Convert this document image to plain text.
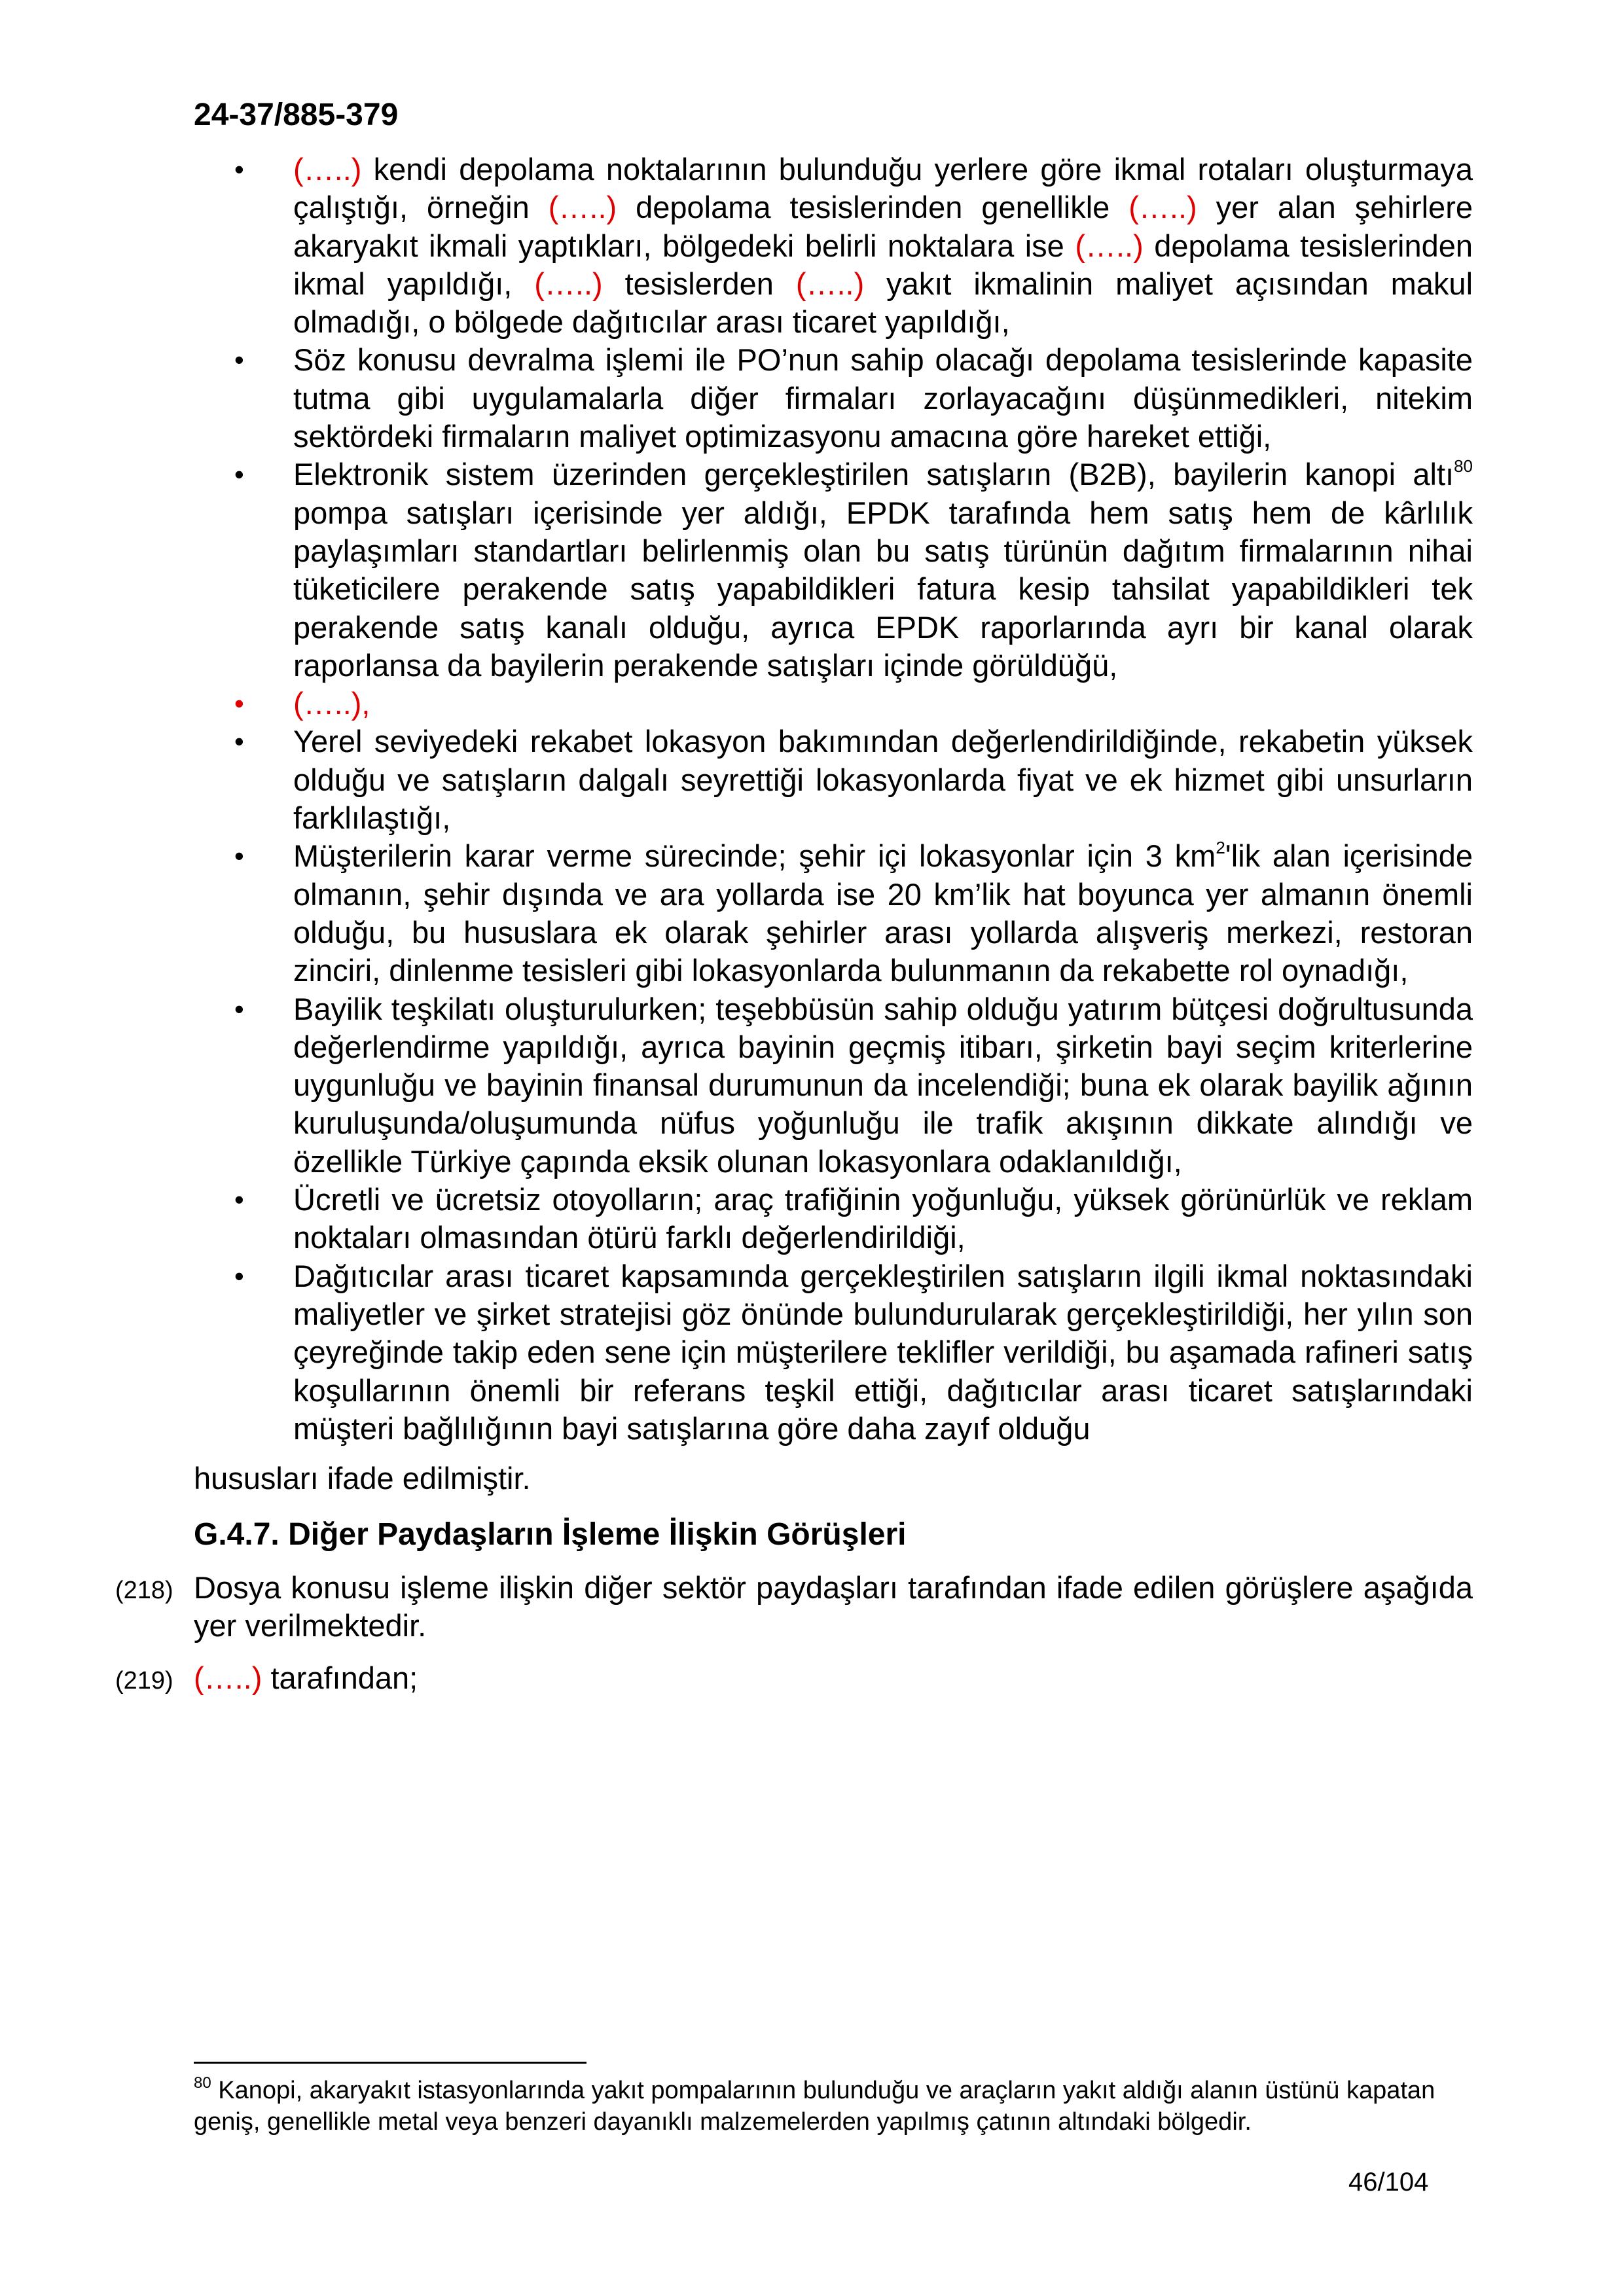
24-37/885-379
• (…..) kendi depolama noktalarının bulunduğu yerlere göre ikmal rotaları oluşturmaya çalıştığı, örneğin (…..) depolama tesislerinden genellikle (…..) yer alan şehirlere akaryakıt ikmali yaptıkları, bölgedeki belirli noktalara ise (…..) depolama tesislerinden ikmal yapıldığı, (…..) tesislerden (…..) yakıt ikmalinin maliyet açısından makul olmadığı, o bölgede dağıtıcılar arası ticaret yapıldığı,
• Söz konusu devralma işlemi ile PO’nun sahip olacağı depolama tesislerinde kapasite tutma gibi uygulamalarla diğer firmaları zorlayacağını düşünmedikleri, nitekim sektördeki firmaların maliyet optimizasyonu amacına göre hareket ettiği,
• Elektronik sistem üzerinden gerçekleştirilen satışların (B2B), bayilerin kanopi altı$^{80}$ pompa satışları içerisinde yer aldığı, EPDK tarafında hem satış hem de kârlılık paylaşımları standartları belirlenmiş olan bu satış türünün dağıtım firmalarının nihai tüketicilere perakende satış yapabildikleri fatura kesip tahsilat yapabildikleri tek perakende satış kanalı olduğu, ayrıca EPDK raporlarında ayrı bir kanal olarak raporlansa da bayilerin perakende satışları içinde görüldüğü,
• (…..),
• Yerel seviyedeki rekabet lokasyon bakımından değerlendirildiğinde, rekabetin yüksek olduğu ve satışların dalgalı seyrettiği lokasyonlarda fiyat ve ek hizmet gibi unsurların farklılaştığı,
• Müşterilerin karar verme sürecinde; şehir içi lokasyonlar için 3 $km^2'lik$ alan içerisinde olmanın, şehir dışında ve ara yollarda ise 20 km’lik hat boyunca yer almanın önemli olduğu, bu hususlara ek olarak şehirler arası yollarda alışveriş merkezi, restoran zinciri, dinlenme tesisleri gibi lokasyonlarda bulunmanın da rekabette rol oynadığı,
• Bayilik teşkilatı oluşturulurken; teşebbüsün sahip olduğu yatırım bütçesi doğrultusunda değerlendirme yapıldığı, ayrıca bayinin geçmiş itibarı, şirketin bayi seçim kriterlerine uygunluğu ve bayinin finansal durumunun da incelendiği; buna ek olarak bayilik ağının kuruluşunda/oluşumunda nüfus yoğunluğu ile trafik akışının dikkate alındığı ve özellikle Türkiye çapında eksik olunan lokasyonlara odaklanıldığı,
• Ücretli ve ücretsiz otoyolların; araç trafiğinin yoğunluğu, yüksek görünürlük ve reklam noktaları olmasından ötürü farklı değerlendirildiği,
• Dağıtıcılar arası ticaret kapsamında gerçekleştirilen satışların ilgili ikmal noktasındaki maliyetler ve şirket stratejisi göz önünde bulundurularak gerçekleştirildiği, her yılın son çeyreğinde takip eden sene için müşterilere teklifler verildiği, bu aşamada rafineri satış koşullarının önemli bir referans teşkil ettiği, dağıtıcılar arası ticaret satışlarındaki müşteri bağlılığının bayi satışlarına göre daha zayıf olduğu
hususları ifade edilmiştir.
G.4.7. Diğer Paydaşların İşleme İlişkin Görüşleri
(218) Dosya konusu işleme ilişkin diğer sektör paydaşları tarafından ifade edilen görüşlere aşağıda yer verilmektedir.
(219) (…..) tarafından;
$^{80}$ Kanopi, akaryakıt istasyonlarında yakıt pompalarının bulunduğu ve araçların yakıt aldığı alanın üstünü kapatan geniş, genellikle metal veya benzeri dayanıklı malzemelerden yapılmış çatının altındaki bölgedir.
46/104
